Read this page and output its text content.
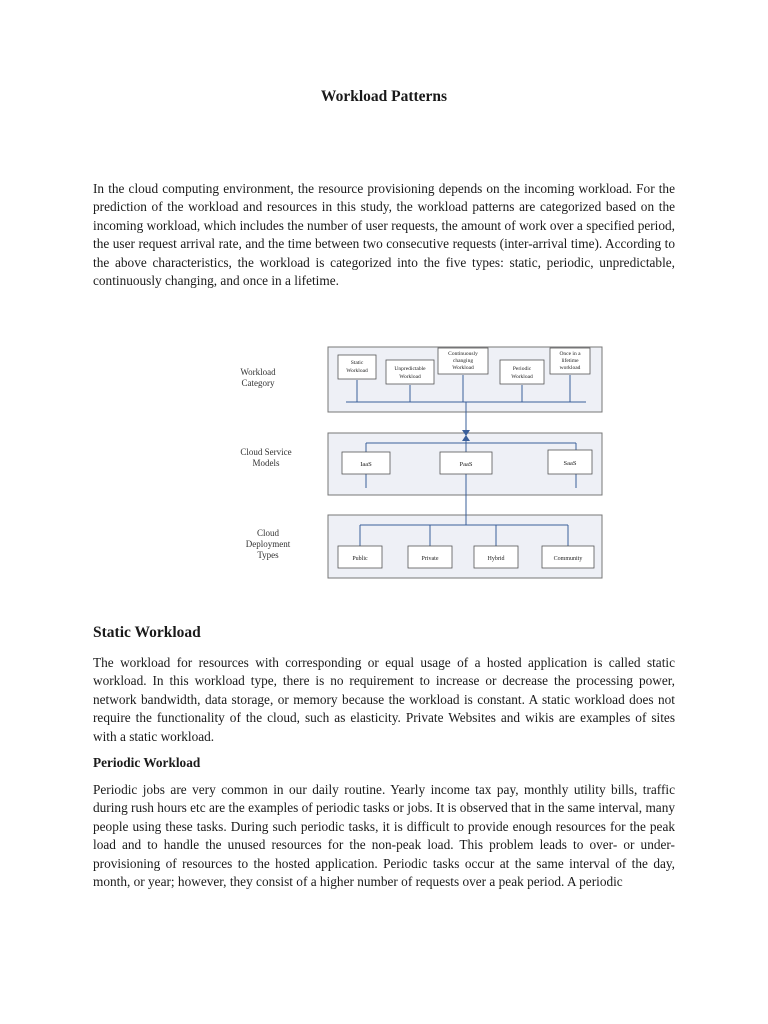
Workload Patterns

In the cloud computing environment, the resource provisioning depends on the incoming workload. For the prediction of the workload and resources in this study, the workload patterns are categorized based on the incoming workload, which includes the number of user requests, the amount of work over a specified period, the user request arrival rate, and the time between two consecutive requests (inter-arrival time). According to the above characteristics, the workload is categorized into the five types: static, periodic, unpredictable, continuously changing, and once in a lifetime.

Workload
Category
Cloud Service
Models
Cloud
Deployment
Types
Static
Workload	Unpredictable
Workload
Continuously
changing
Workload	Periodic
Workload
Once in a
lifetime
workload
IaaS	PaaS	SaaS
Public	Private	Hybrid	Community
Static Workload

The workload for resources with corresponding or equal usage of a hosted application is called static workload. In this workload type, there is no requirement to increase or decrease the processing power, network bandwidth, data storage, or memory because the workload is constant. A static workload does not require the functionality of the cloud, such as elasticity. Private Websites and wikis are examples of sites with a static workload.

Periodic Workload

Periodic jobs are very common in our daily routine. Yearly income tax pay, monthly utility bills, traffic during rush hours etc are the examples of periodic tasks or jobs. It is observed that in the same interval, many people using these tasks. During such periodic tasks, it is difficult to provide enough resources for the peak load and to handle the unused resources for the non-peak load. This problem leads to over- or under-provisioning of resources to the hosted application. Periodic tasks occur at the same interval of the day, month, or year; however, they consist of a higher number of requests over a peak period. A periodic
